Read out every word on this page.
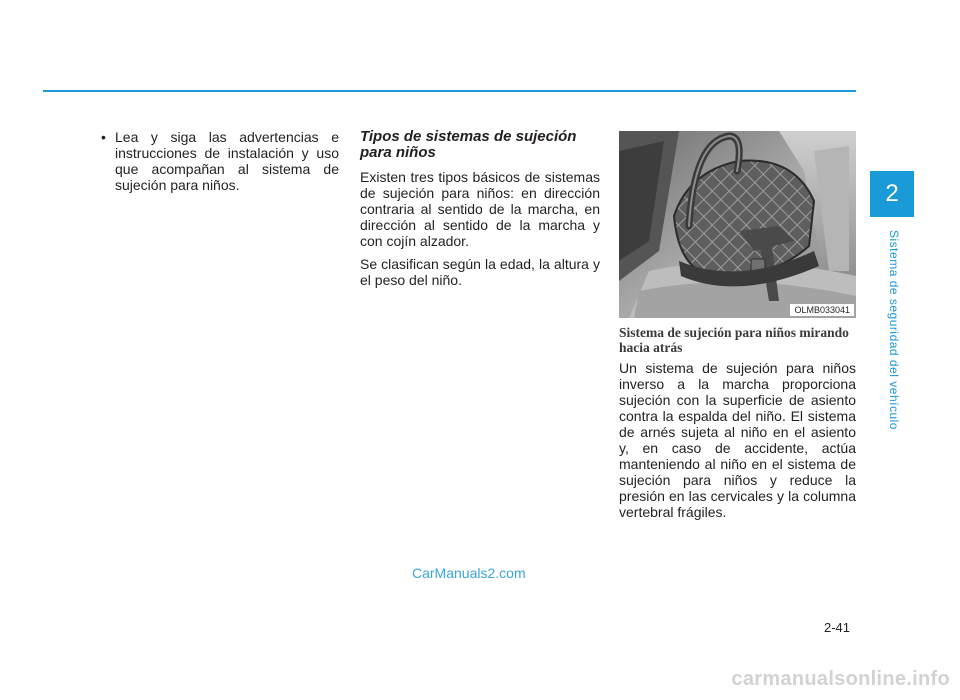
2
Sistema de seguridad del vehículo

• Lea y siga las advertencias e instrucciones de instalación y uso que acompañan al sistema de sujeción para niños.

Tipos de sistemas de sujeción para niños

Existen tres tipos básicos de sistemas de sujeción para niños: en dirección contraria al sentido de la marcha, en dirección al sentido de la marcha y con cojín alzador.

Se clasifican según la edad, la altura y el peso del niño.

OLMB033041
Sistema de sujeción para niños mirando hacia atrás

Un sistema de sujeción para niños inverso a la marcha proporciona sujeción con la superficie de asiento contra la espalda del niño. El sistema de arnés sujeta al niño en el asiento y, en caso de accidente, actúa manteniendo al niño en el sistema de sujeción para niños y reduce la presión en las cervicales y la columna vertebral frágiles.

CarManuals2.com
2-41
carmanualsonline.info
